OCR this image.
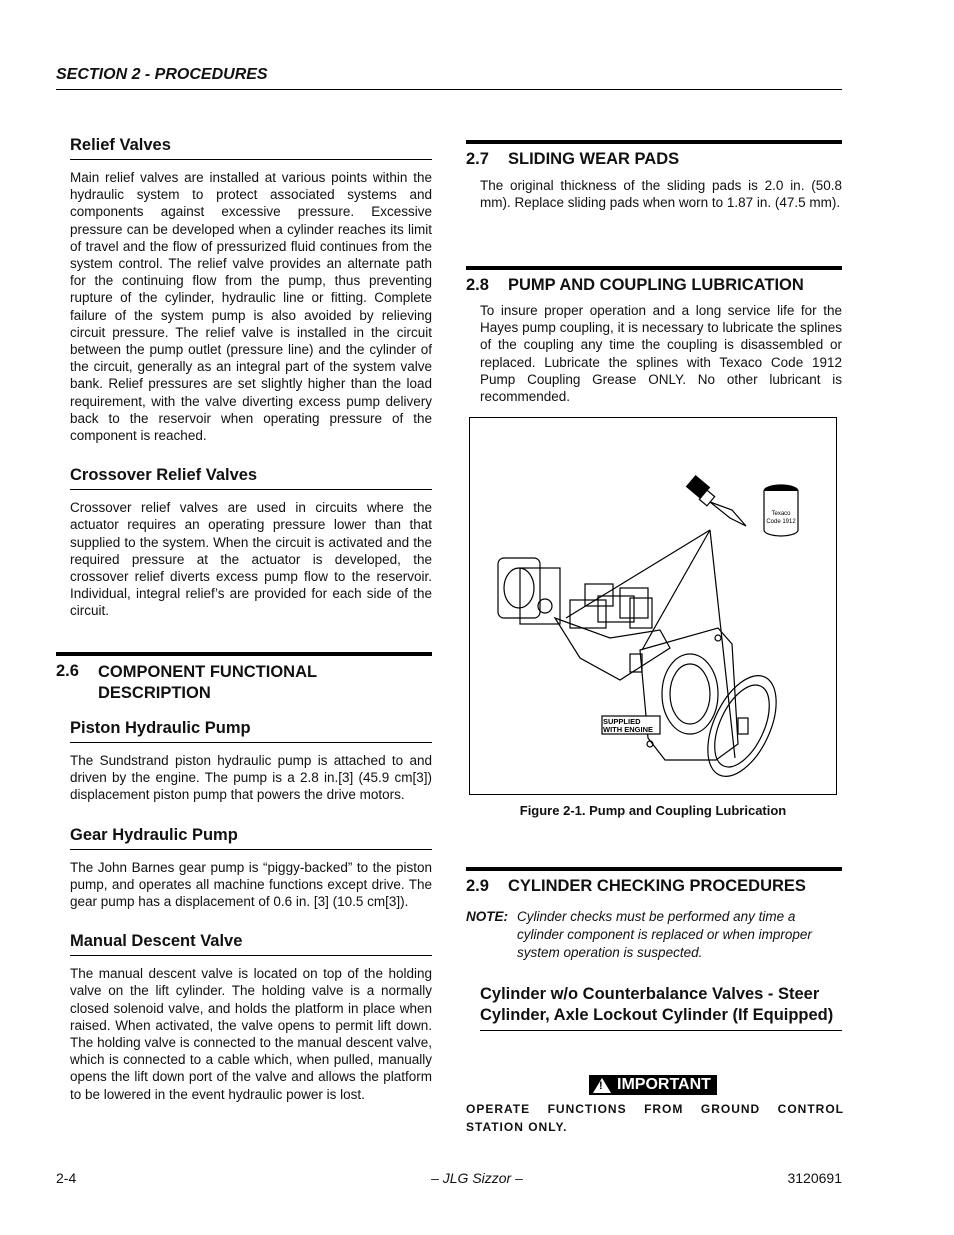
SECTION 2 - PROCEDURES
Relief Valves

Main relief valves are installed at various points within the hydraulic system to protect associated systems and components against excessive pressure. Excessive pressure can be developed when a cylinder reaches its limit of travel and the flow of pressurized fluid continues from the system control. The relief valve provides an alternate path for the continuing flow from the pump, thus preventing rupture of the cylinder, hydraulic line or fitting. Complete failure of the system pump is also avoided by relieving circuit pressure. The relief valve is installed in the circuit between the pump outlet (pressure line) and the cylinder of the circuit, generally as an integral part of the system valve bank. Relief pressures are set slightly higher than the load requirement, with the valve diverting excess pump delivery back to the reservoir when operating pressure of the component is reached.

Crossover Relief Valves

Crossover relief valves are used in circuits where the actuator requires an operating pressure lower than that supplied to the system. When the circuit is activated and the required pressure at the actuator is developed, the crossover relief diverts excess pump flow to the reservoir. Individual, integral relief’s are provided for each side of the circuit.

2.6	COMPONENT FUNCTIONAL DESCRIPTION
Piston Hydraulic Pump

The Sundstrand piston hydraulic pump is attached to and driven by the engine. The pump is a 2.8 in.[3] (45.9 cm[3]) displacement piston pump that powers the drive motors.

Gear Hydraulic Pump

The John Barnes gear pump is “piggy-backed” to the piston pump, and operates all machine functions except drive. The gear pump has a displacement of 0.6 in. [3] (10.5 cm[3]).

Manual Descent Valve

The manual descent valve is located on top of the holding valve on the lift cylinder. The holding valve is a normally closed solenoid valve, and holds the platform in place when raised. When activated, the valve opens to permit lift down. The holding valve is connected to the manual descent valve, which is connected to a cable which, when pulled, manually opens the lift down port of the valve and allows the platform to be lowered in the event hydraulic power is lost.

2.7 SLIDING WEAR PADS

The original thickness of the sliding pads is 2.0 in. (50.8 mm). Replace sliding pads when worn to 1.87 in. (47.5 mm).

2.8 PUMP AND COUPLING LUBRICATION

To insure proper operation and a long service life for the Hayes pump coupling, it is necessary to lubricate the splines of the coupling any time the coupling is disassembled or replaced. Lubricate the splines with Texaco Code 1912 Pump Coupling Grease ONLY. No other lubricant is recommended.

Texaco
Code 1912
SUPPLIED
WITH ENGINE
Figure 2-1. Pump and Coupling Lubrication
2.9 CYLINDER CHECKING PROCEDURES
NOTE: Cylinder checks must be performed any time a cylinder component is replaced or when improper system operation is suspected.
Cylinder w/o Counterbalance Valves - Steer Cylinder, Axle Lockout Cylinder (If Equipped)
! IMPORTANT
OPERATE FUNCTIONS FROM GROUND CONTROL STATION ONLY.
2-4	– JLG Sizzor –	3120691
